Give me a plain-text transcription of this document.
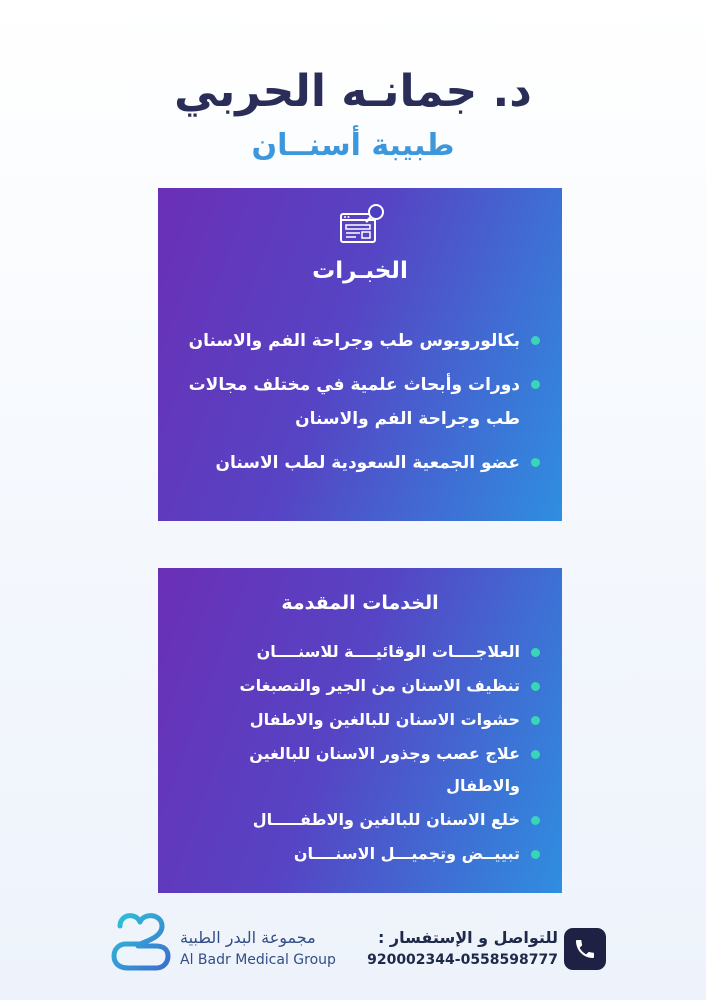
د. جمانـه الحربي
طبيبة أسنــان
الخبـرات
بكالورويوس طب وجراحة الفم والاسنان
دورات وأبحاث علمية في مختلف مجالات طب وجراحة الفم والاسنان
عضو الجمعية السعودية لطب الاسنان
الخدمات المقدمة
العلاجــــات الوقائيــــة للاسنــــان
تنظيف الاسنان من الجير والتصبغات
حشوات الاسنان للبالغين والاطفال
علاج عصب وجذور الاسنان للبالغين والاطفال
خلع الاسنان للبالغين والاطفـــــال
تبييــض وتجميـــل الاسنــــان
مجموعة البدر الطبية
Al Badr Medical Group
للتواصل و الإستفسار :
920002344-0558598777
